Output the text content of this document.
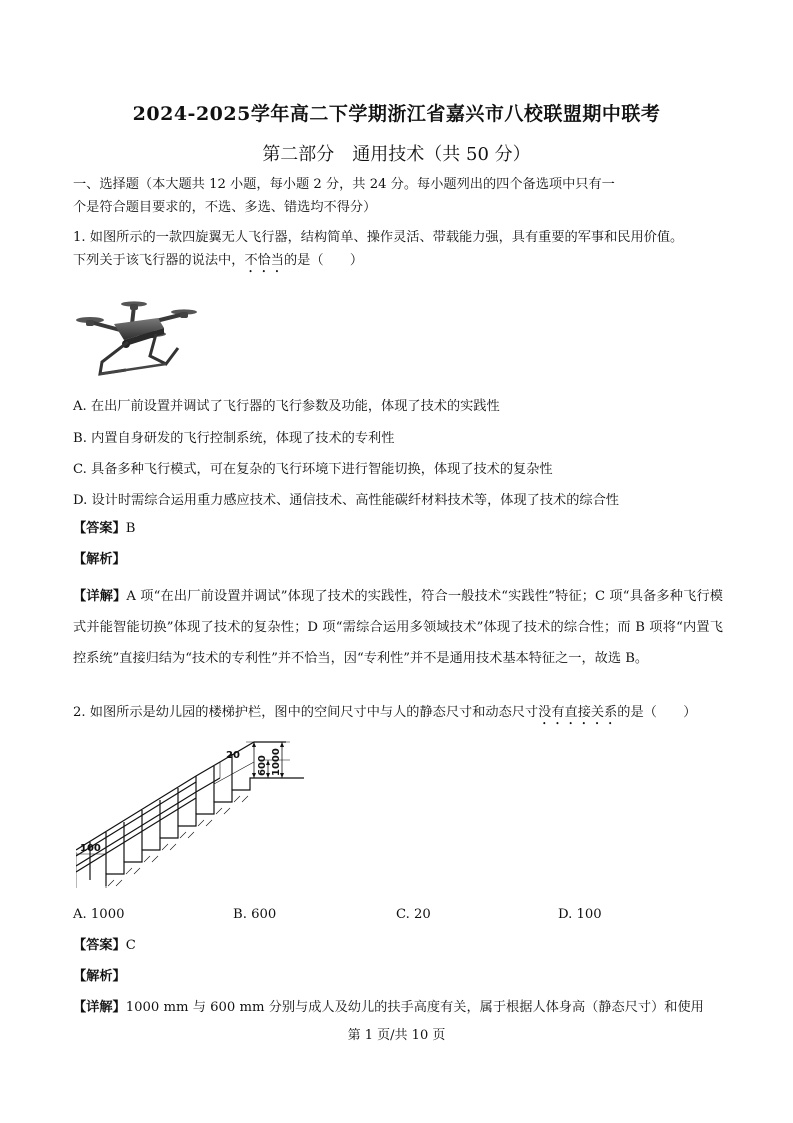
2024-2025学年高二下学期浙江省嘉兴市八校联盟期中联考
第二部分　通用技术（共 50 分）
一、选择题（本大题共 12 小题，每小题 2 分，共 24 分。每小题列出的四个备选项中只有一
个是符合题目要求的，不选、多选、错选均不得分）
1. 如图所示的一款四旋翼无人飞行器，结构简单、操作灵活、带载能力强，具有重要的军事和民用价值。
下列关于该飞行器的说法中，不恰当的是（　　）
A. 在出厂前设置并调试了飞行器的飞行参数及功能，体现了技术的实践性
B. 内置自身研发的飞行控制系统，体现了技术的专利性
C. 具备多种飞行模式，可在复杂的飞行环境下进行智能切换，体现了技术的复杂性
D. 设计时需综合运用重力感应技术、通信技术、高性能碳纤材料技术等，体现了技术的综合性
【答案】B
【解析】
【详解】A 项“在出厂前设置并调试”体现了技术的实践性，符合一般技术“实践性”特征；C 项“具备多种飞行模式并能智能切换”体现了技术的复杂性；D 项“需综合运用多领域技术”体现了技术的综合性；而 B 项将“内置飞控系统”直接归结为“技术的专利性”并不恰当，因“专利性”并不是通用技术基本特征之一，故选 B。
2. 如图所示是幼儿园的楼梯护栏，图中的空间尺寸中与人的静态尺寸和动态尺寸没有直接关系的是（　　）
20 600 1000
100
A. 1000	B. 600	C. 20	D. 100
【答案】C
【解析】
【详解】1000 mm 与 600 mm 分别与成人及幼儿的扶手高度有关，属于根据人体身高（静态尺寸）和使用
第 1 页/共 10 页
